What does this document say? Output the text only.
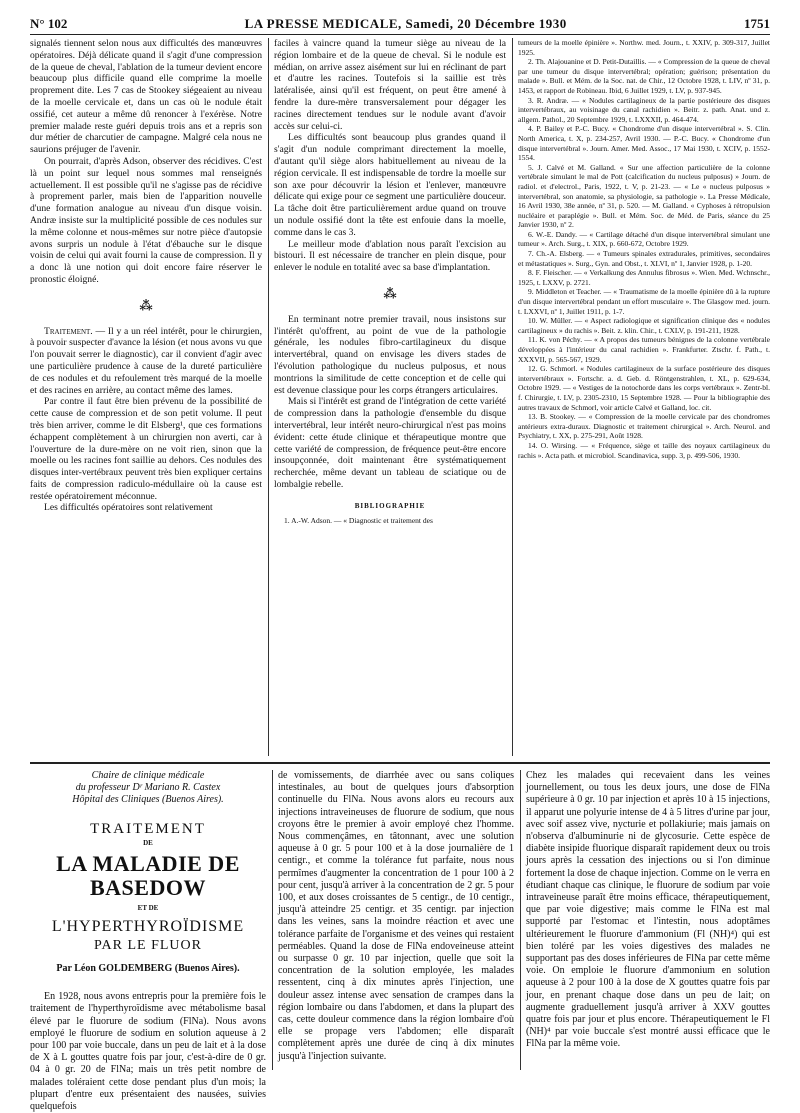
N° 102	LA PRESSE MEDICALE, Samedi, 20 Décembre 1930	1751

signalés tiennent selon nous aux difficultés des manœuvres opératoires. Déjà délicate quand il s'agit d'une compression de la queue de cheval, l'ablation de la tumeur devient encore beaucoup plus difficile quand elle comprime la moelle proprement dite. Les 7 cas de Stookey siégeaient au niveau de la moelle cervicale et, dans un cas où le nodule était ossifié, cet auteur a même dû renoncer à l'exérèse. Notre premier malade reste guéri depuis trois ans et a repris son dur métier de charcutier de campagne. Malgré cela nous ne saurions préjuger de l'avenir.

On pourrait, d'après Adson, observer des récidives. C'est là un point sur lequel nous sommes mal renseignés actuellement. Il est possible qu'il ne s'agisse pas de récidive à proprement parler, mais bien de l'apparition nouvelle d'une formation analogue au niveau d'un disque voisin. Andræ insiste sur la multiplicité possible de ces nodules sur la même colonne et nous-mêmes sur notre pièce d'autopsie avons surpris un nodule à l'état d'ébauche sur le disque voisin de celui qui avait fourni la cause de compression. Il y a donc là une notion qui doit encore faire réserver le pronostic éloigné.

⁂

Traitement. — Il y a un réel intérêt, pour le chirurgien, à pouvoir suspecter d'avance la lésion (et nous avons vu que l'on pouvait serrer le diagnostic), car il convient d'agir avec une particulière prudence à cause de la dureté particulière de ces nodules et du refoulement très marqué de la moelle et des racines en arrière, au contact même des lames.

Par contre il faut être bien prévenu de la possibilité de cette cause de compression et de son petit volume. Il peut très bien arriver, comme le dit Elsberg¹, que ces formations échappent complètement à un chirurgien non averti, car à l'ouverture de la dure-mère on ne voit rien, sinon que la moelle ou les racines font saillie au dehors. Ces nodules des disques inter-vertébraux peuvent très bien expliquer certains faits de compression radiculo-médullaire où la cause est restée opératoirement méconnue.

Les difficultés opératoires sont relativement

faciles à vaincre quand la tumeur siège au niveau de la région lombaire et de la queue de cheval. Si le nodule est médian, on arrive assez aisément sur lui en réclinant de part et d'autre les racines. Toutefois si la saillie est très latéralisée, ainsi qu'il est fréquent, on peut être amené à fendre la dure-mère transversalement pour dégager les racines directement tendues sur le nodule avant d'avoir accès sur celui-ci.

Les difficultés sont beaucoup plus grandes quand il s'agit d'un nodule comprimant directement la moelle, d'autant qu'il siège alors habituellement au niveau de la région cervicale. Il est indispensable de tordre la moelle sur son axe pour découvrir la lésion et l'enlever, manœuvre délicate qui exige pour ce segment une particulière douceur. La tâche doit être particulièrement ardue quand on trouve un nodule ossifié dont la tête est enfouie dans la moelle, comme dans le cas 3.

Le meilleur mode d'ablation nous paraît l'excision au bistouri. Il est nécessaire de trancher en plein disque, pour enlever le nodule en totalité avec sa base d'implantation.

⁂

En terminant notre premier travail, nous insistons sur l'intérêt qu'offrent, au point de vue de la pathologie générale, les nodules fibro-cartilagineux du disque intervertébral, quand on envisage les divers stades de l'évolution pathologique du nucleus pulposus, et nous montrions la similitude de cette conception et de celle qui est devenue classique pour les corps étrangers articulaires.

Mais si l'intérêt est grand de l'intégration de cette variété de compression dans la pathologie d'ensemble du disque intervertébral, leur intérêt neuro-chirurgical n'est pas moins évident: cette étude clinique et thérapeutique montre que cette variété de compression, de fréquence peut-être encore insoupçonnée, doit maintenant être systématiquement recherchée, même devant un tableau de sciatique ou de lombalgie rebelle.

BIBLIOGRAPHIE

1. A.-W. Adson. — « Diagnostic et traitement des

tumeurs de la moelle épinière ». Northw. med. Journ., t. XXIV, p. 309-317, Juillet 1925.

2. Th. Alajouanine et D. Petit-Dutaillis. — « Compression de la queue de cheval par une tumeur du disque intervertébral; opération; guérison; présentation du malade ». Bull. et Mém. de la Soc. nat. de Chir., 12 Octobre 1928, t. LIV, nº 31, p. 1453, et rapport de Robineau. Ibid, 6 Juillet 1929, t. LV, p. 937-945.

3. R. Andræ. — « Nodules cartilagineux de la partie postérieure des disques intervertébraux, au voisinage du canal rachidien ». Beitr. z. path. Anat. und z. allgem. Pathol., 20 Septembre 1929, t. LXXXII, p. 464-474.

4. P. Bailey et P.-C. Bucy. « Chondrome d'un disque intervertébral ». S. Clin. North America, t. X, p. 234-257, Avril 1930. — P.-C. Bucy. « Chondrome d'un disque intervertébral ». Journ. Amer. Med. Assoc., 17 Mai 1930, t. XCIV, p. 1552-1554.

5. J. Calvé et M. Galland. « Sur une affection particulière de la colonne vertébrale simulant le mal de Pott (calcification du nucleus pulposus) » Journ. de radiol. et d'electrol., Paris, 1922, t. V, p. 21-23. — « Le « nucleus pulposus » intervertébral, son anatomie, sa physiologie, sa pathologie ». La Presse Médicale, 16 Avril 1930, 38e année, nº 31, p. 520. — M. Galland. « Cyphoses à rétropulsion nucléaire et paraplégie ». Bull. et Mém. Soc. de Méd. de Paris, séance du 25 Janvier 1930, nº 2.

6. W.-E. Dandy. — « Cartilage détaché d'un disque intervertébral simulant une tumeur ». Arch. Surg., t. XIX, p. 660-672, Octobre 1929.

7. Ch.-A. Elsberg. — « Tumeurs spinales extradurales, primitives, secondaires et métastatiques ». Surg., Gyn. and Obst., t. XLVI, nº 1, Janvier 1928, p. 1-20.

8. F. Fleischer. — « Verkalkung des Annulus fibrosus ». Wien. Med. Wchnschr., 1925, t. LXXV, p. 2721.

9. Middleton et Teacher. — « Traumatisme de la moelle épinière dû à la rupture d'un disque intervertébral pendant un effort musculaire ». The Glasgow med. journ. t. LXXVI, nº 1, Juillet 1911, p. 1-7.

10. W. Müller. — « Aspect radiologique et signification clinique des « nodules cartilagineux » du rachis ». Beit. z. klin. Chir., t. CXLV, p. 191-211, 1928.

11. K. von Péchy. — « A propos des tumeurs bénignes de la colonne vertébrale développées à l'intérieur du canal rachidien ». Frankfurter. Ztschr. f. Path., t. XXXVII, p. 565-567, 1929.

12. G. Schmorl. « Nodules cartilagineux de la surface postérieure des disques intervertébraux ». Fortschr. a. d. Geb. d. Röntgenstrahlen, t. XL, p. 629-634, Octobre 1929. — « Vestiges de la notochorde dans les corps vertébraux ». Zentr-bl. f. Chirurgie, t. LV, p. 2305-2310, 15 Septembre 1928. — Pour la bibliographie des autres travaux de Schmorl, voir article Calvé et Galland, loc. cit.

13. B. Stookey. — « Compression de la moelle cervicale par des chondromes antérieurs extra-duraux. Diagnostic et traitement chirurgical ». Arch. Neurol. and Psychiatry, t. XX, p. 275-291, Août 1928.

14. O. Wirsing. — « Fréquence, siège et taille des noyaux cartilagineux du rachis ». Acta path. et microbiol. Scandinavica, supp. 3, p. 499-506, 1930.

Chaire de clinique médicale
du professeur Dʳ Mariano R. Castex
Hôpital des Cliniques (Buenos Aires).
TRAITEMENT
DE
LA MALADIE DE BASEDOW
ET DE
L'HYPERTHYROÏDISME
PAR LE FLUOR
Par Léon GOLDEMBERG (Buenos Aires).

En 1928, nous avons entrepris pour la première fois le traitement de l'hyperthyroïdisme avec métabolisme basal élevé par le fluorure de sodium (FlNa). Nous avons employé le fluorure de sodium en solution aqueuse à 2 pour 100 par voie buccale, dans un peu de lait et à la dose de X à L gouttes quatre fois par jour, c'est-à-dire de 0 gr. 04 à 0 gr. 20 de FlNa; mais un très petit nombre de malades toléraient cette dose pendant plus d'un mois; la plupart d'entre eux présentaient des nausées, suivies quelquefois

de vomissements, de diarrhée avec ou sans coliques intestinales, au bout de quelques jours d'absorption continuelle du FlNa. Nous avons alors eu recours aux injections intraveineuses de fluorure de sodium, que nous croyons être le premier à avoir employé chez l'homme. Nous commençâmes, en tâtonnant, avec une solution aqueuse à 0 gr. 5 pour 100 et à la dose journalière de 1 centigr., et comme la tolérance fut parfaite, nous nous permîmes d'augmenter la concentration de 1 pour 100 à 2 pour cent, jusqu'à arriver à la concentration de 2 gr. 5 pour 100, et aux doses croissantes de 5 centigr., de 10 centigr., jusqu'à atteindre 25 centigr. et 35 centigr. par injection dans les veines, sans la moindre réaction et avec une tolérance parfaite de l'organisme et des veines qui restaient perméables. Quand la dose de FlNa endoveineuse atteint ou surpasse 0 gr. 10 par injection, quelle que soit la concentration de la solution employée, les malades ressentent, cinq à dix minutes après l'injection, une douleur assez intense avec sensation de crampes dans la région lombaire ou dans l'abdomen, et dans la plupart des cas, cette douleur commence dans la région lombaire d'où elle se propage vers l'abdomen; elle disparaît complètement après une durée de cinq à dix minutes jusqu'à l'injection suivante.

Chez les malades qui recevaient dans les veines journellement, ou tous les deux jours, une dose de FlNa supérieure à 0 gr. 10 par injection et après 10 à 15 injections, il apparut une polyurie intense de 4 à 5 litres d'urine par jour, avec soif assez vive, nycturie et pollakiurie; mais jamais on n'observa d'albuminurie ni de glycosurie. Cette espèce de diabète insipide fluorique disparaît rapidement deux ou trois jours après la cessation des injections ou si l'on diminue fortement la dose de chaque injection. Comme on le verra en étudiant chaque cas clinique, le fluorure de sodium par voie intraveineuse paraît être moins efficace, thérapeutiquement, que par voie digestive; mais comme le FlNa est mal supporté par l'estomac et l'intestin, nous adoptâmes ultérieurement le fluorure d'ammonium (Fl (NH)⁴) qui est bien toléré par les voies digestives des malades ne supportant pas des doses inférieures de FlNa par cette même voie. On emploie le fluorure d'ammonium en solution aqueuse à 2 pour 100 à la dose de X gouttes quatre fois par jour, en prenant chaque dose dans un peu de lait; on augmente graduellement jusqu'à arriver à XXV gouttes quatre fois par jour et plus encore. Thérapeutiquement le Fl (NH)⁴ par voie buccale s'est montré aussi efficace que le FlNa par la même voie.
